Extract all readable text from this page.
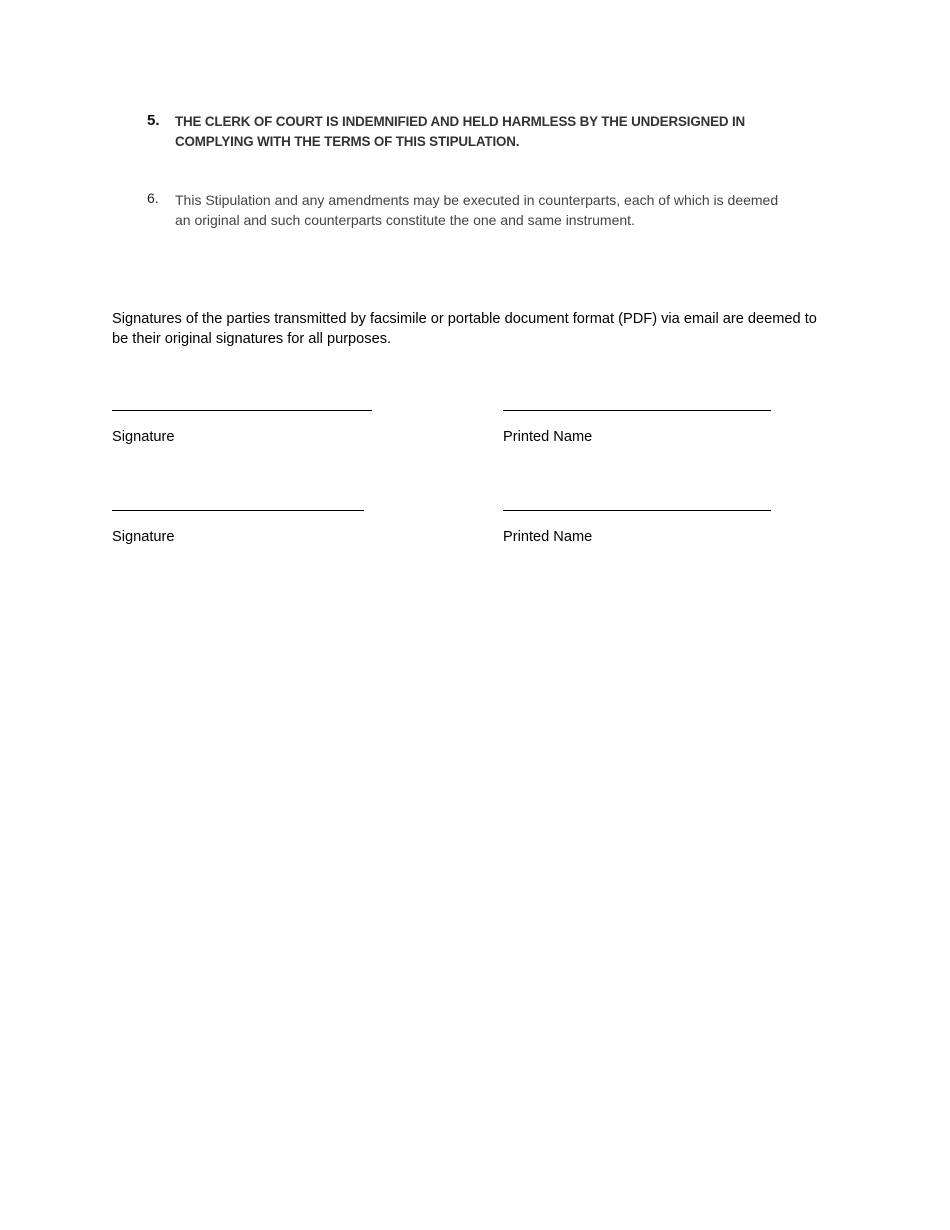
5. THE CLERK OF COURT IS INDEMNIFIED AND HELD HARMLESS BY THE UNDERSIGNED IN COMPLYING WITH THE TERMS OF THIS STIPULATION.
6. This Stipulation and any amendments may be executed in counterparts, each of which is deemed an original and such counterparts constitute the one and same instrument.
Signatures of the parties transmitted by facsimile or portable document format (PDF) via email are deemed to be their original signatures for all purposes.
Signature	Printed Name
Signature	Printed Name
